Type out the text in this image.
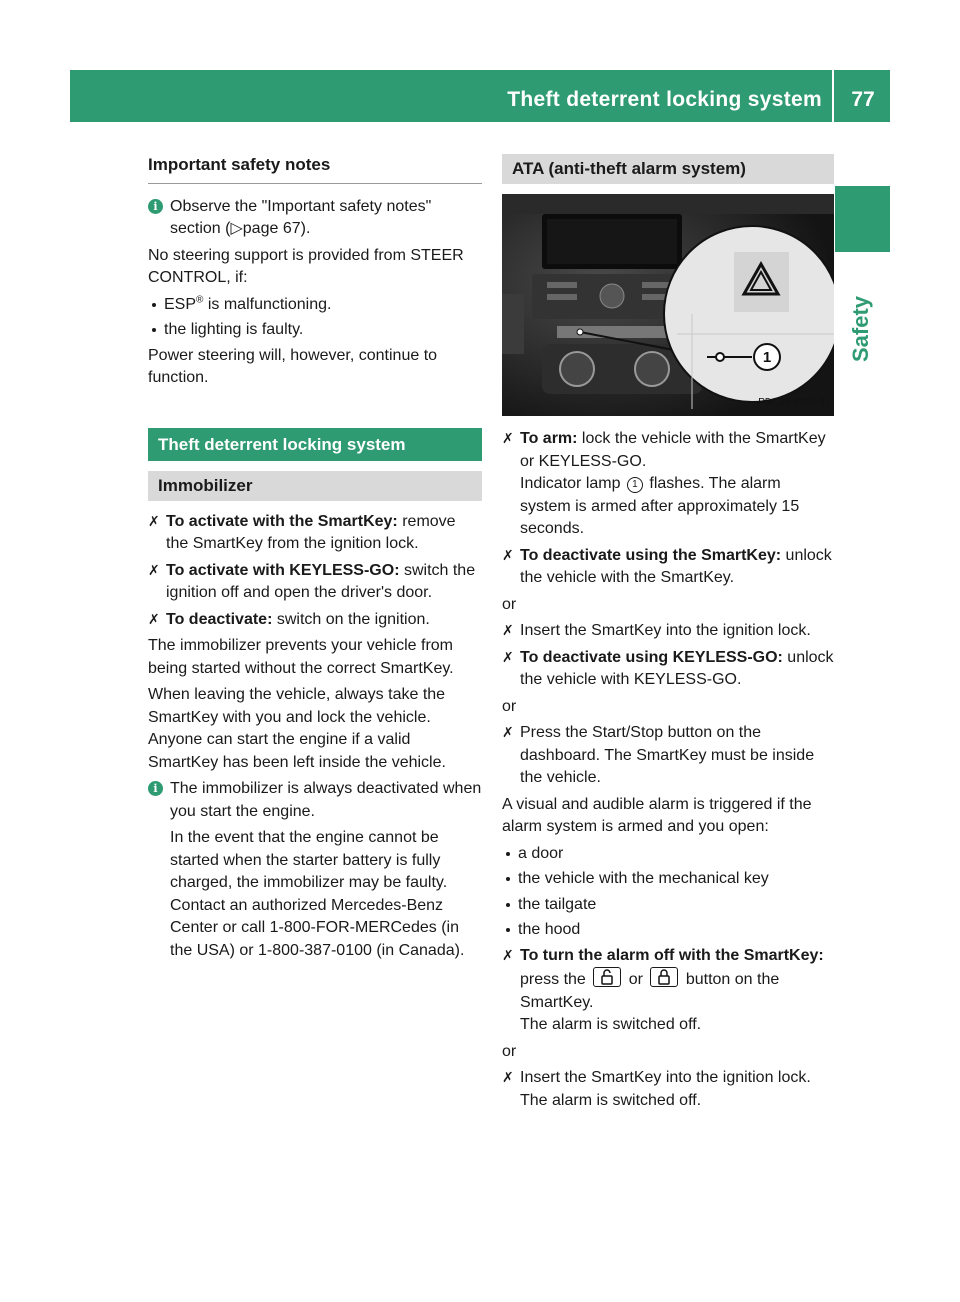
Theft deterrent locking system	77
Safety
Important safety notes
i Observe the "Important safety notes"
section (▷page 67).

No steering support is provided from STEER CONTROL, if:

ESP® is malfunctioning.
the lighting is faulty.

Power steering will, however, continue to function.

Theft deterrent locking system
Immobilizer
✗ To activate with the SmartKey: remove the SmartKey from the ignition lock.
✗ To activate with KEYLESS-GO: switch the ignition off and open the driver's door.
✗ To deactivate: switch on the ignition.

The immobilizer prevents your vehicle from being started without the correct SmartKey.

When leaving the vehicle, always take the SmartKey with you and lock the vehicle. Anyone can start the engine if a valid SmartKey has been left inside the vehicle.

i The immobilizer is always deactivated when you start the engine.

In the event that the engine cannot be started when the starter battery is fully charged, the immobilizer may be faulty. Contact an authorized Mercedes-Benz Center or call 1-800-FOR-MERCedes (in the USA) or 1-800-387-0100 (in Canada).

ATA (anti-theft alarm system)
1
P54.32-8944-31
✗ To arm: lock the vehicle with the SmartKey or KEYLESS-GO.
Indicator lamp 1 flashes. The alarm system is armed after approximately 15 seconds.
✗ To deactivate using the SmartKey: unlock the vehicle with the SmartKey.

or

✗ Insert the SmartKey into the ignition lock.
✗ To deactivate using KEYLESS-GO: unlock the vehicle with KEYLESS-GO.

or

✗ Press the Start/Stop button on the dashboard. The SmartKey must be inside the vehicle.

A visual and audible alarm is triggered if the alarm system is armed and you open:

a door
the vehicle with the mechanical key
the tailgate
the hood
✗ To turn the alarm off with the SmartKey: press the
or
button on the SmartKey.
The alarm is switched off.

or

✗ Insert the SmartKey into the ignition lock.
The alarm is switched off.
